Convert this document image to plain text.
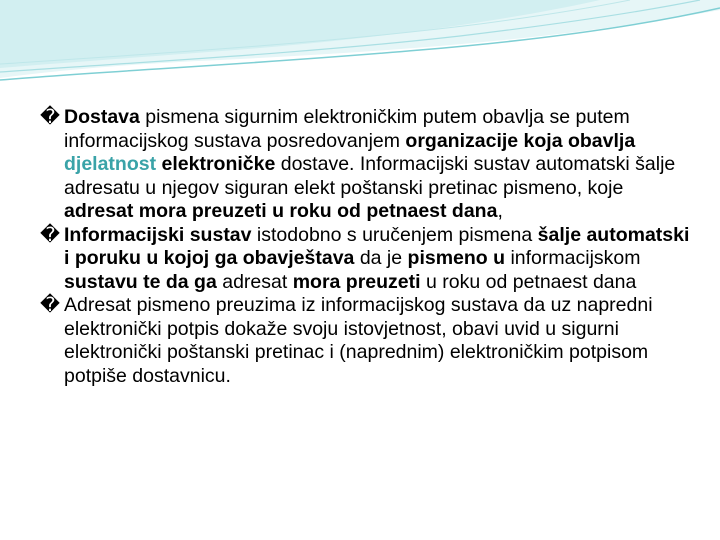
� Dostava pismena sigurnim elektroničkim putem obavlja se putem informacijskog sustava posredovanjem organizacije koja obavlja djelatnost elektroničke dostave. Informacijski sustav automatski šalje adresatu u njegov siguran elekt poštanski pretinac pismeno, koje adresat mora preuzeti u roku od petnaest dana,

� Informacijski sustav istodobno s uručenjem pismena šalje automatski i poruku u kojoj ga obavještava da je pismeno u informacijskom sustavu te da ga adresat mora preuzeti u roku od petnaest dana

� Adresat pismeno preuzima iz informacijskog sustava da uz napredni elektronički potpis dokaže svoju istovjetnost, obavi uvid u sigurni elektronički poštanski pretinac i (naprednim) elektroničkim potpisom potpiše dostavnicu.
